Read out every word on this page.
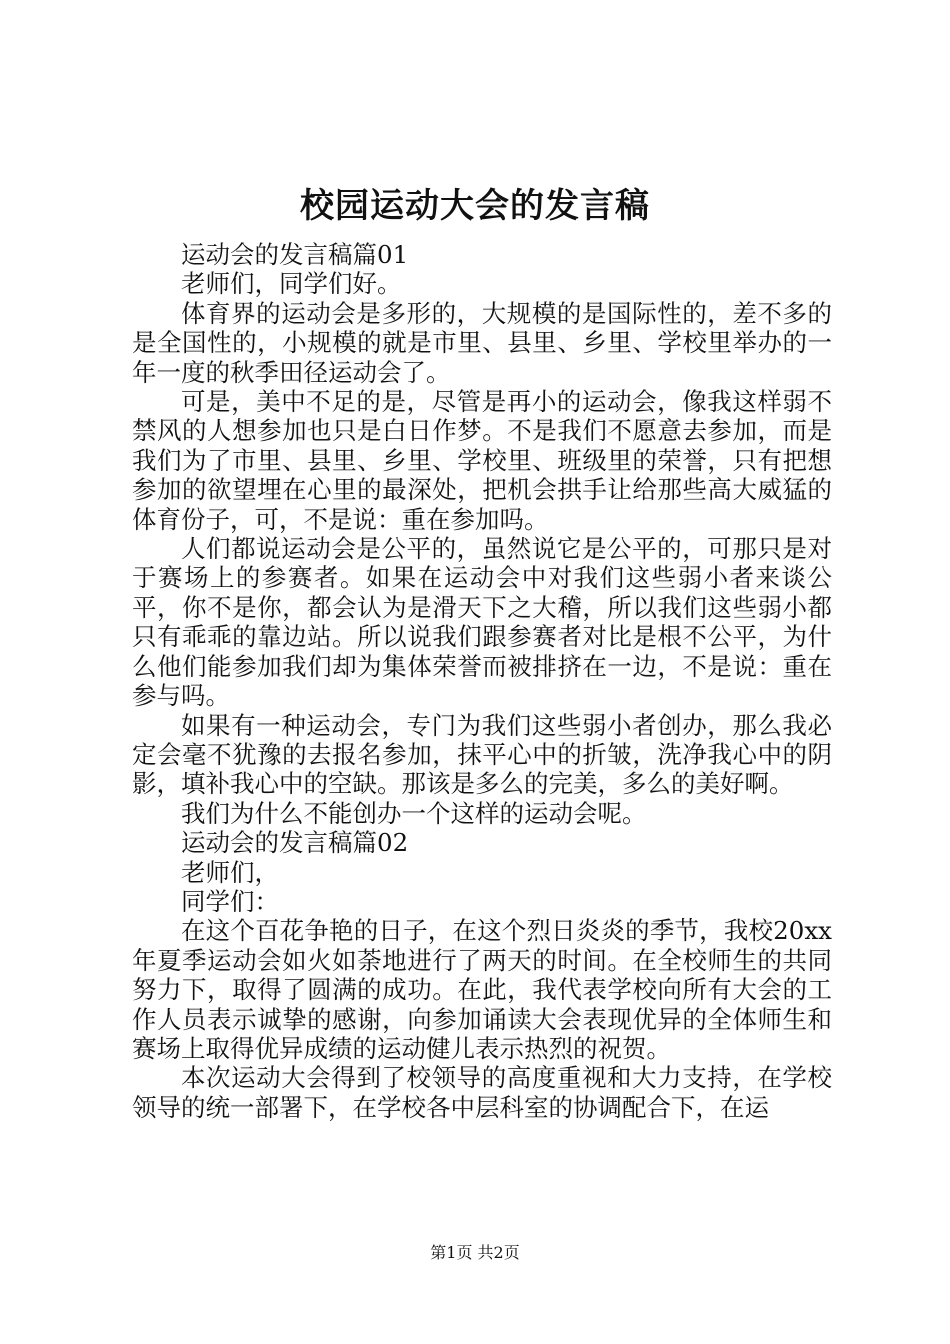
校园运动大会的发言稿

运动会的发言稿篇01

老师们，同学们好。

体育界的运动会是多形的，大规模的是国际性的，差不多的是全国性的，小规模的就是市里、县里、乡里、学校里举办的一年一度的秋季田径运动会了。

可是，美中不足的是，尽管是再小的运动会，像我这样弱不禁风的人想参加也只是白日作梦。不是我们不愿意去参加，而是我们为了市里、县里、乡里、学校里、班级里的荣誉，只有把想参加的欲望埋在心里的最深处，把机会拱手让给那些高大威猛的体育份子，可，不是说：重在参加吗。

人们都说运动会是公平的，虽然说它是公平的，可那只是对于赛场上的参赛者。如果在运动会中对我们这些弱小者来谈公平，你不是你，都会认为是滑天下之大稽，所以我们这些弱小都只有乖乖的靠边站。所以说我们跟参赛者对比是根不公平，为什么他们能参加我们却为集体荣誉而被排挤在一边，不是说：重在参与吗。

如果有一种运动会，专门为我们这些弱小者创办，那么我必定会毫不犹豫的去报名参加，抹平心中的折皱，洗净我心中的阴影，填补我心中的空缺。那该是多么的完美，多么的美好啊。

我们为什么不能创办一个这样的运动会呢。

运动会的发言稿篇02

老师们，

同学们：

在这个百花争艳的日子，在这个烈日炎炎的季节，我校20xx年夏季运动会如火如荼地进行了两天的时间。在全校师生的共同努力下，取得了圆满的成功。在此，我代表学校向所有大会的工作人员表示诚挚的感谢，向参加诵读大会表现优异的全体师生和赛场上取得优异成绩的运动健儿表示热烈的祝贺。

本次运动大会得到了校领导的高度重视和大力支持，在学校领导的统一部署下，在学校各中层科室的协调配合下，在运

第1页 共2页
